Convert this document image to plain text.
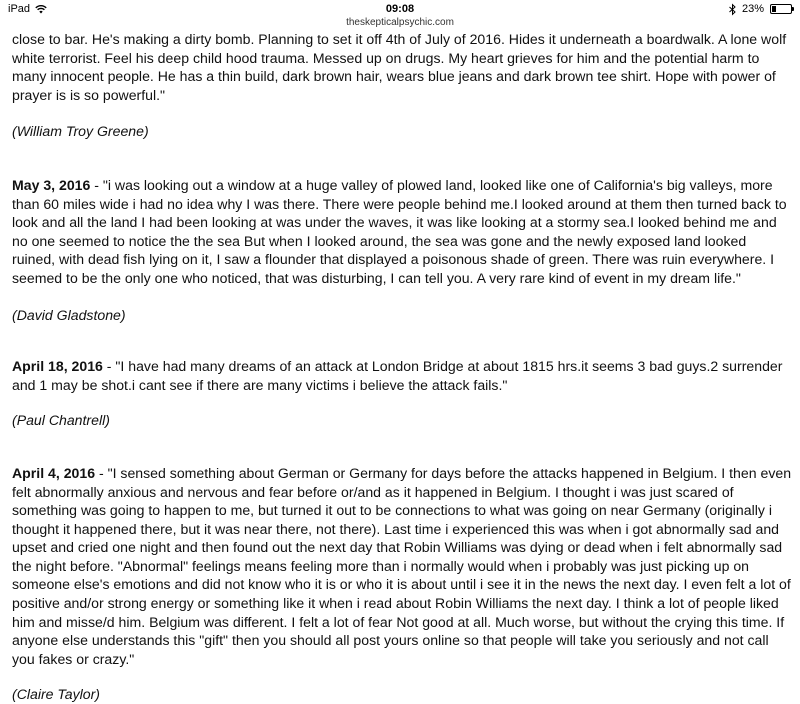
iPad	09:08	23%
theskepticalpsychic.com

close to bar. He's making a dirty bomb. Planning to set it off 4th of July of 2016. Hides it underneath a boardwalk. A lone wolf white terrorist. Feel his deep child hood trauma. Messed up on drugs. My heart grieves for him and the potential harm to many innocent people. He has a thin build, dark brown hair, wears blue jeans and dark brown tee shirt. Hope with power of prayer is is so powerful."

(William Troy Greene)

May 3, 2016 - "i was looking out a window at a huge valley of plowed land, looked like one of California's big valleys, more than 60 miles wide i had no idea why I was there. There were people behind me.I looked around at them then turned back to look and all the land I had been looking at was under the waves, it was like looking at a stormy sea.I looked behind me and no one seemed to notice the the sea But when I looked around, the sea was gone and the newly exposed land looked ruined, with dead fish lying on it, I saw a flounder that displayed a poisonous shade of green. There was ruin everywhere. I seemed to be the only one who noticed, that was disturbing, I can tell you. A very rare kind of event in my dream life."

(David Gladstone)

April 18, 2016 - "I have had many dreams of an attack at London Bridge at about 1815 hrs.it seems 3 bad guys.2 surrender and 1 may be shot.i cant see if there are many victims i believe the attack fails."

(Paul Chantrell)

April 4, 2016 - "I sensed something about German or Germany for days before the attacks happened in Belgium. I then even felt abnormally anxious and nervous and fear before or/and as it happened in Belgium. I thought i was just scared of something was going to happen to me, but turned it out to be connections to what was going on near Germany (originally i thought it happened there, but it was near there, not there). Last time i experienced this was when i got abnormally sad and upset and cried one night and then found out the next day that Robin Williams was dying or dead when i felt abnormally sad the night before. "Abnormal" feelings means feeling more than i normally would when i probably was just picking up on someone else's emotions and did not know who it is or who it is about until i see it in the news the next day. I even felt a lot of positive and/or strong energy or something like it when i read about Robin Williams the next day. I think a lot of people liked him and misse/d him. Belgium was different. I felt a lot of fear Not good at all. Much worse, but without the crying this time. If anyone else understands this "gift" then you should all post yours online so that people will take you seriously and not call you fakes or crazy."

(Claire Taylor)
